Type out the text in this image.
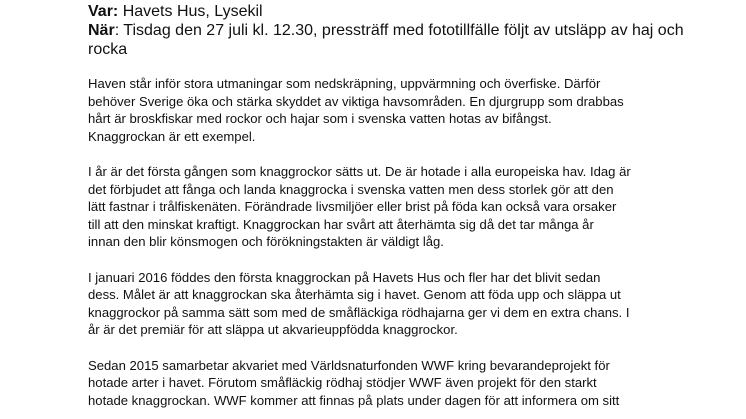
Var: Havets Hus, Lysekil

När: Tisdag den 27 juli kl. 12.30, pressträff med fototillfälle följt av utsläpp av haj och rocka

Haven står inför stora utmaningar som nedskräpning, uppvärmning och överfiske. Därför
behöver Sverige öka och stärka skyddet av viktiga havsområden. En djurgrupp som drabbas
hårt är broskfiskar med rockor och hajar som i svenska vatten hotas av bifångst.
Knaggrockan är ett exempel.

I år är det första gången som knaggrockor sätts ut. De är hotade i alla europeiska hav. Idag är
det förbjudet att fånga och landa knaggrocka i svenska vatten men dess storlek gör att den
lätt fastnar i trålfiskenäten. Förändrade livsmiljöer eller brist på föda kan också vara orsaker
till att den minskat kraftigt. Knaggrockan har svårt att återhämta sig då det tar många år
innan den blir könsmogen och förökningstakten är väldigt låg.

I januari 2016 föddes den första knaggrockan på Havets Hus och fler har det blivit sedan
dess. Målet är att knaggrockan ska återhämta sig i havet. Genom att föda upp och släppa ut
knaggrockor på samma sätt som med de småfläckiga rödhajarna ger vi dem en extra chans. I
år är det premiär för att släppa ut akvarieuppfödda knaggrockor.

Sedan 2015 samarbetar akvariet med Världsnaturfonden WWF kring bevarandeprojekt för
hotade arter i havet. Förutom småfläckig rödhaj stödjer WWF även projekt för den starkt
hotade knaggrockan. WWF kommer att finnas på plats under dagen för att informera om sitt
